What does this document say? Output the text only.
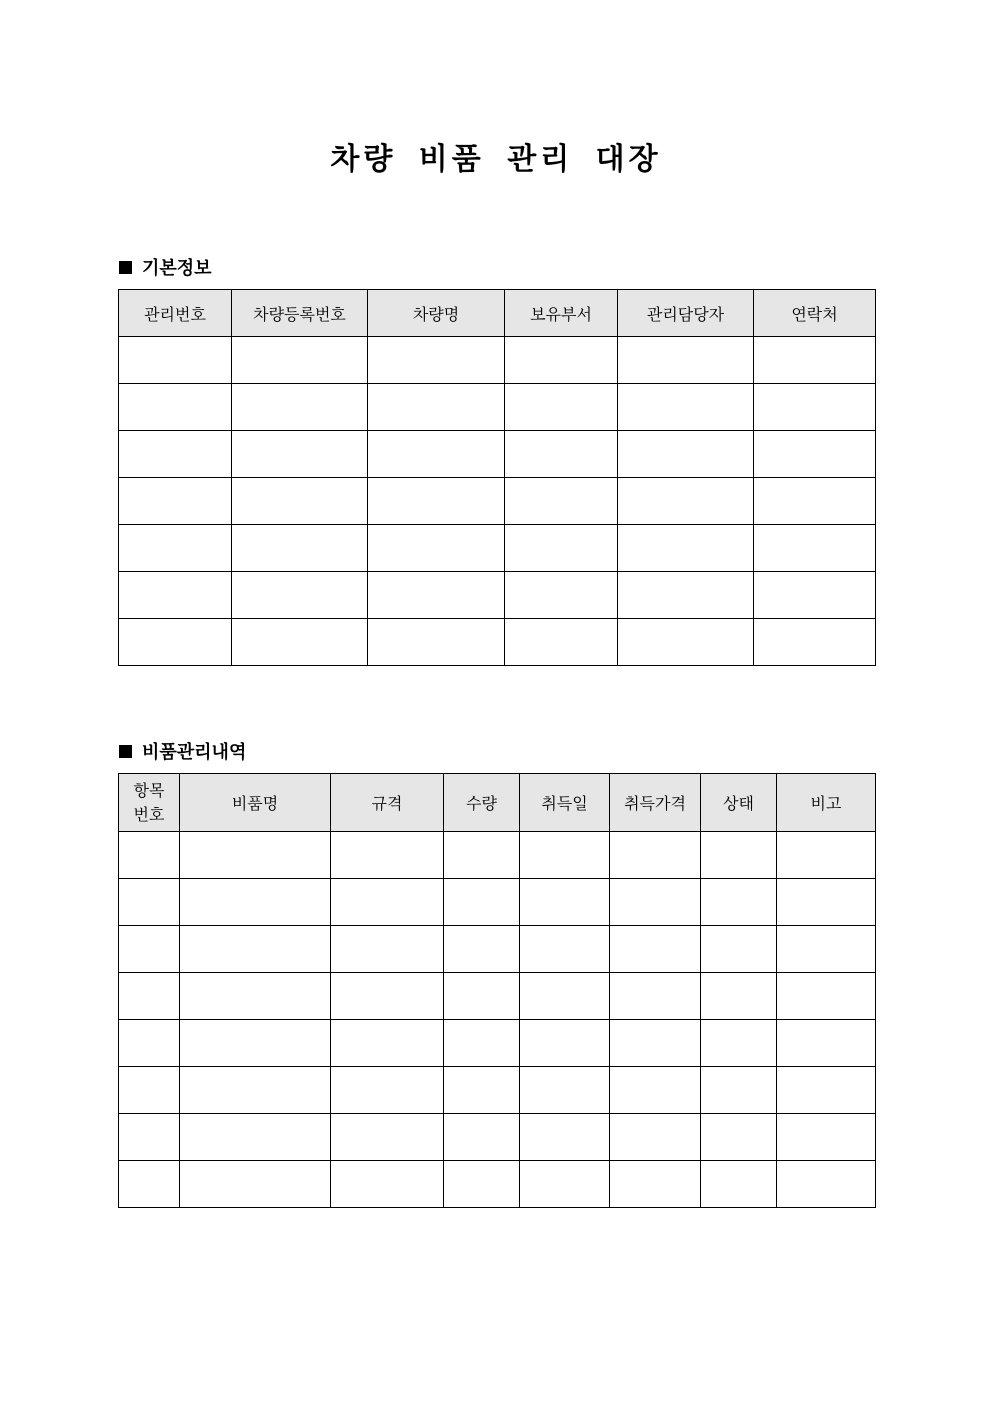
차량 비품 관리 대장
기본정보
관리번호	차량등록번호	차량명	보유부서	관리담당자	연락처

비품관리내역
항목
번호	비품명	규격	수량	취득일	취득가격	상태	비고
